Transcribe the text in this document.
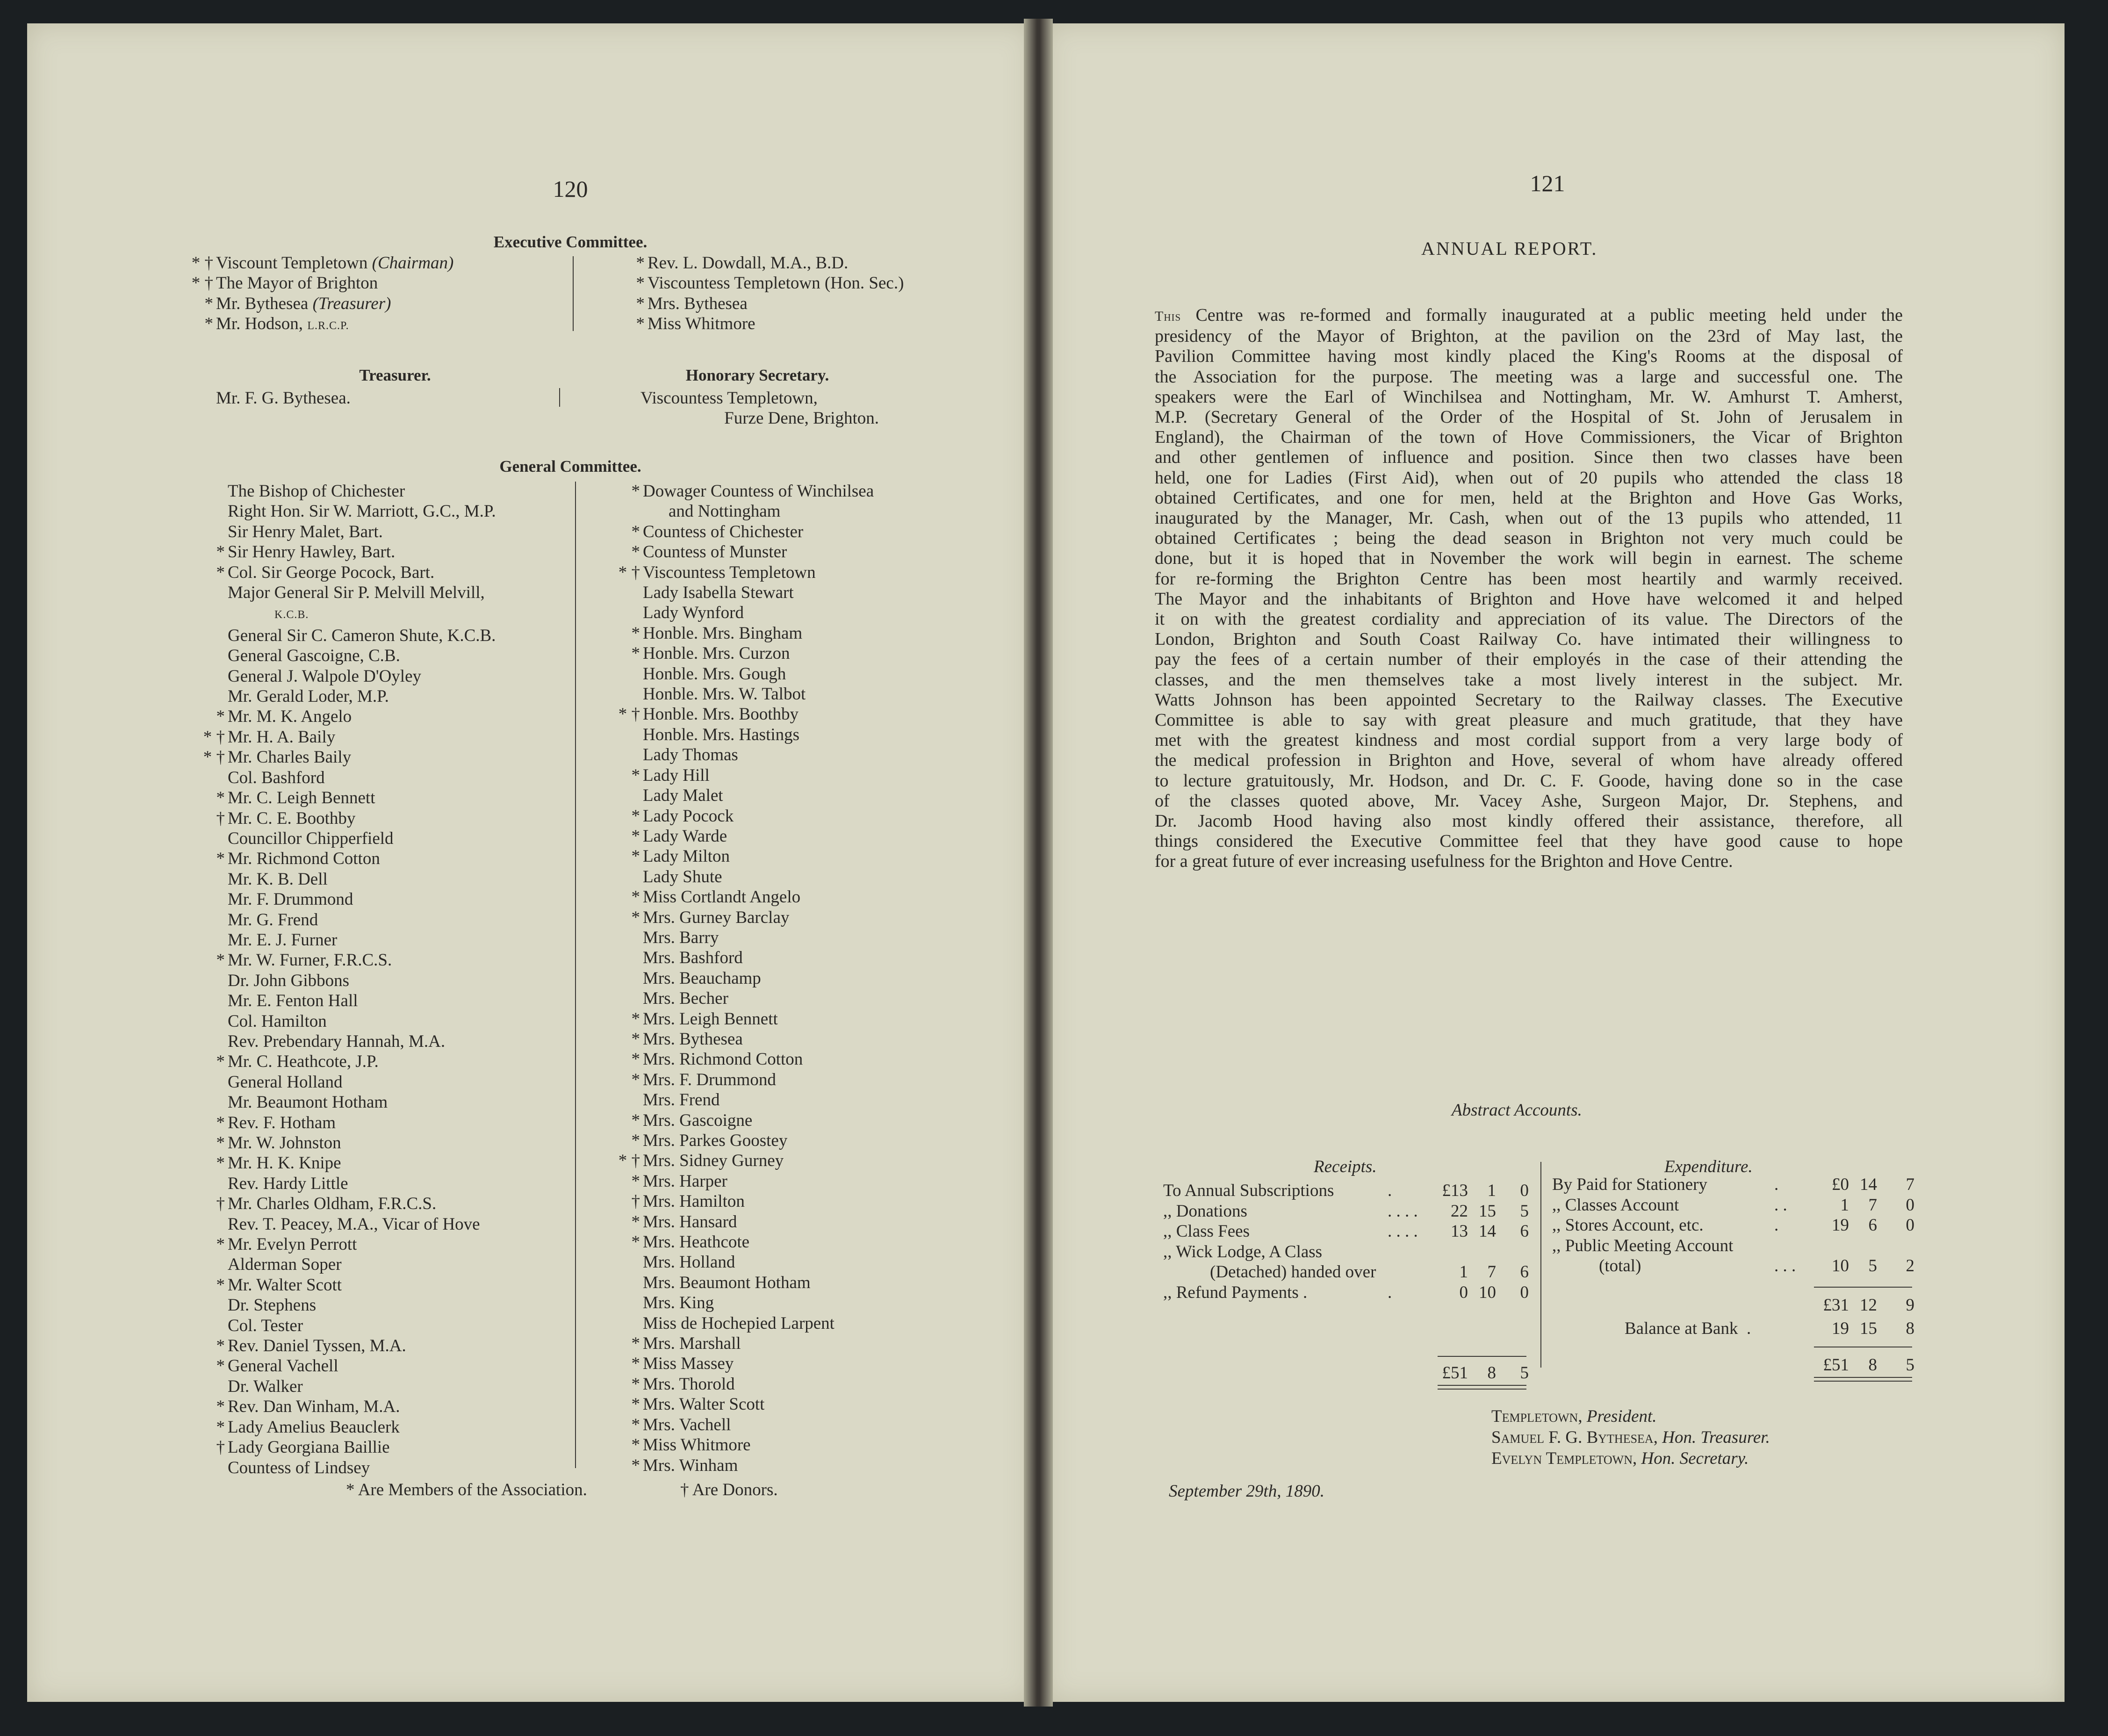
120
Executive Committee.
* † Viscount Templetown (Chairman)
* † The Mayor of Brighton
* Mr. Bythesea (Treasurer)
* Mr. Hodson, L.R.C.P.
* Rev. L. Dowdall, M.A., B.D.
* Viscountess Templetown (Hon. Sec.)
* Mrs. Bythesea
* Miss Whitmore
Treasurer.
Mr. F. G. Bythesea.
Honorary Secretary.
Viscountess Templetown,
Furze Dene, Brighton.
General Committee.
The Bishop of Chichester
Right Hon. Sir W. Marriott, G.C., M.P.
Sir Henry Malet, Bart.
* Sir Henry Hawley, Bart.
* Col. Sir George Pocock, Bart.
Major General Sir P. Melvill Melvill,
K.C.B.
General Sir C. Cameron Shute, K.C.B.
General Gascoigne, C.B.
General J. Walpole D'Oyley
Mr. Gerald Loder, M.P.
* Mr. M. K. Angelo
* † Mr. H. A. Baily
* † Mr. Charles Baily
Col. Bashford
* Mr. C. Leigh Bennett
† Mr. C. E. Boothby
Councillor Chipperfield
* Mr. Richmond Cotton
Mr. K. B. Dell
Mr. F. Drummond
Mr. G. Frend
Mr. E. J. Furner
* Mr. W. Furner, F.R.C.S.
Dr. John Gibbons
Mr. E. Fenton Hall
Col. Hamilton
Rev. Prebendary Hannah, M.A.
* Mr. C. Heathcote, J.P.
General Holland
Mr. Beaumont Hotham
* Rev. F. Hotham
* Mr. W. Johnston
* Mr. H. K. Knipe
Rev. Hardy Little
† Mr. Charles Oldham, F.R.C.S.
Rev. T. Peacey, M.A., Vicar of Hove
* Mr. Evelyn Perrott
Alderman Soper
* Mr. Walter Scott
Dr. Stephens
Col. Tester
* Rev. Daniel Tyssen, M.A.
* General Vachell
Dr. Walker
* Rev. Dan Winham, M.A.
* Lady Amelius Beauclerk
† Lady Georgiana Baillie
Countess of Lindsey
* Dowager Countess of Winchilsea
and Nottingham
* Countess of Chichester
* Countess of Munster
* † Viscountess Templetown
Lady Isabella Stewart
Lady Wynford
* Honble. Mrs. Bingham
* Honble. Mrs. Curzon
Honble. Mrs. Gough
Honble. Mrs. W. Talbot
* † Honble. Mrs. Boothby
Honble. Mrs. Hastings
Lady Thomas
* Lady Hill
Lady Malet
* Lady Pocock
* Lady Warde
* Lady Milton
Lady Shute
* Miss Cortlandt Angelo
* Mrs. Gurney Barclay
Mrs. Barry
Mrs. Bashford
Mrs. Beauchamp
Mrs. Becher
* Mrs. Leigh Bennett
* Mrs. Bythesea
* Mrs. Richmond Cotton
* Mrs. F. Drummond
Mrs. Frend
* Mrs. Gascoigne
* Mrs. Parkes Goostey
* † Mrs. Sidney Gurney
* Mrs. Harper
† Mrs. Hamilton
* Mrs. Hansard
* Mrs. Heathcote
Mrs. Holland
Mrs. Beaumont Hotham
Mrs. King
Miss de Hochepied Larpent
* Mrs. Marshall
* Miss Massey
* Mrs. Thorold
* Mrs. Walter Scott
* Mrs. Vachell
* Miss Whitmore
* Mrs. Winham
* Are Members of the Association.	† Are Donors.
121
ANNUAL REPORT.
This Centre was re-formed and formally inaugurated at a public meeting held under the
presidency of the Mayor of Brighton, at the pavilion on the 23rd of May last, the
Pavilion Committee having most kindly placed the King's Rooms at the disposal of
the Association for the purpose. The meeting was a large and successful one. The
speakers were the Earl of Winchilsea and Nottingham, Mr. W. Amhurst T. Amherst,
M.P. (Secretary General of the Order of the Hospital of St. John of Jerusalem in
England), the Chairman of the town of Hove Commissioners, the Vicar of Brighton
and other gentlemen of influence and position. Since then two classes have been
held, one for Ladies (First Aid), when out of 20 pupils who attended the class 18
obtained Certificates, and one for men, held at the Brighton and Hove Gas Works,
inaugurated by the Manager, Mr. Cash, when out of the 13 pupils who attended, 11
obtained Certificates ; being the dead season in Brighton not very much could be
done, but it is hoped that in November the work will begin in earnest. The scheme
for re-forming the Brighton Centre has been most heartily and warmly received.
The Mayor and the inhabitants of Brighton and Hove have welcomed it and helped
it on with the greatest cordiality and appreciation of its value. The Directors of the
London, Brighton and South Coast Railway Co. have intimated their willingness to
pay the fees of a certain number of their employés in the case of their attending the
classes, and the men themselves take a most lively interest in the subject. Mr.
Watts Johnson has been appointed Secretary to the Railway classes. The Executive
Committee is able to say with great pleasure and much gratitude, that they have
met with the greatest kindness and most cordial support from a very large body of
the medical profession in Brighton and Hove, several of whom have already offered
to lecture gratuitously, Mr. Hodson, and Dr. C. F. Goode, having done so in the case
of the classes quoted above, Mr. Vacey Ashe, Surgeon Major, Dr. Stephens, and
Dr. Jacomb Hood having also most kindly offered their assistance, therefore, all
things considered the Executive Committee feel that they have good cause to hope
for a great future of ever increasing usefulness for the Brighton and Hove Centre.
Abstract Accounts.
Receipts.
To Annual Subscriptions	.	£13	1	0
,, Donations	. . . .	22 15	5
,, Class Fees	. . . .	13 14	6
,, Wick Lodge, A Class
(Detached) handed over	1	7	6
,, Refund Payments .	.	0 10	0
£51	8	5
Expenditure.
By Paid for Stationery	.	£0 14	7
,, Classes Account	. .	1	7	0
,, Stores Account, etc.	.	19	6	0
,, Public Meeting Account
(total)	. . .	10	5	2
£31 12	9
Balance at Bank .	19 15	8
£51	8	5
Templetown, President.
Samuel F. G. Bythesea, Hon. Treasurer.
Evelyn Templetown, Hon. Secretary.
September 29th, 1890.
